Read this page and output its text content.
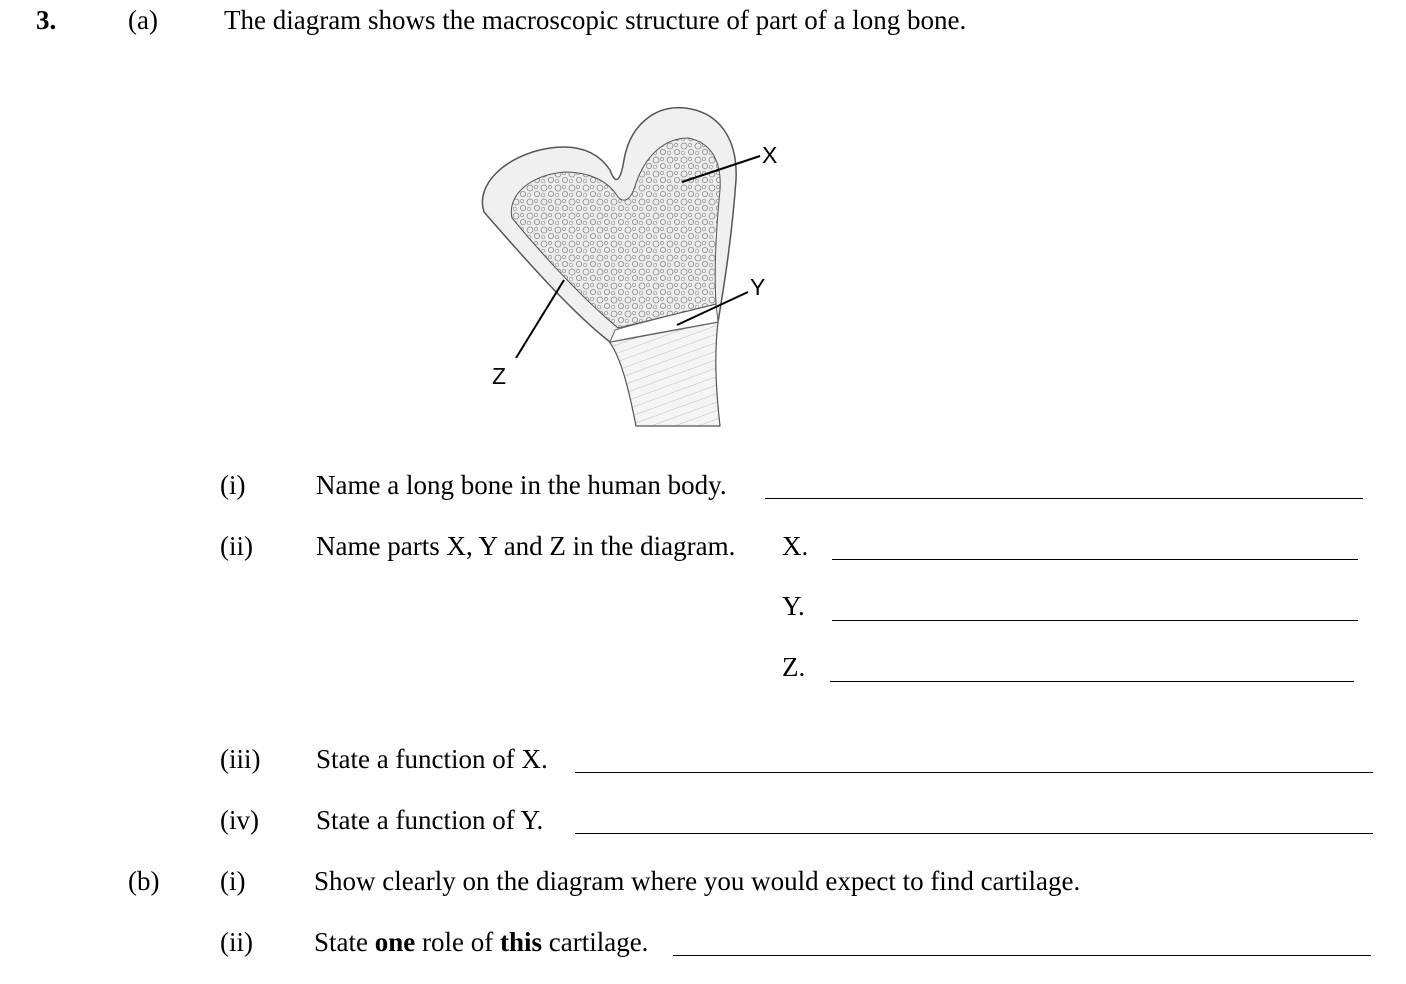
3.	(a) The diagram shows the macroscopic structure of part of a long bone.
X
Y
Z
(i)	Name a long bone in the human body.
(ii) Name parts X, Y and Z in the diagram. X.
Y.
Z.
(iii) State a function of X.
(iv) State a function of Y.
(b) (i)	Show clearly on the diagram where you would expect to find cartilage.
(ii) State one role of this cartilage.
